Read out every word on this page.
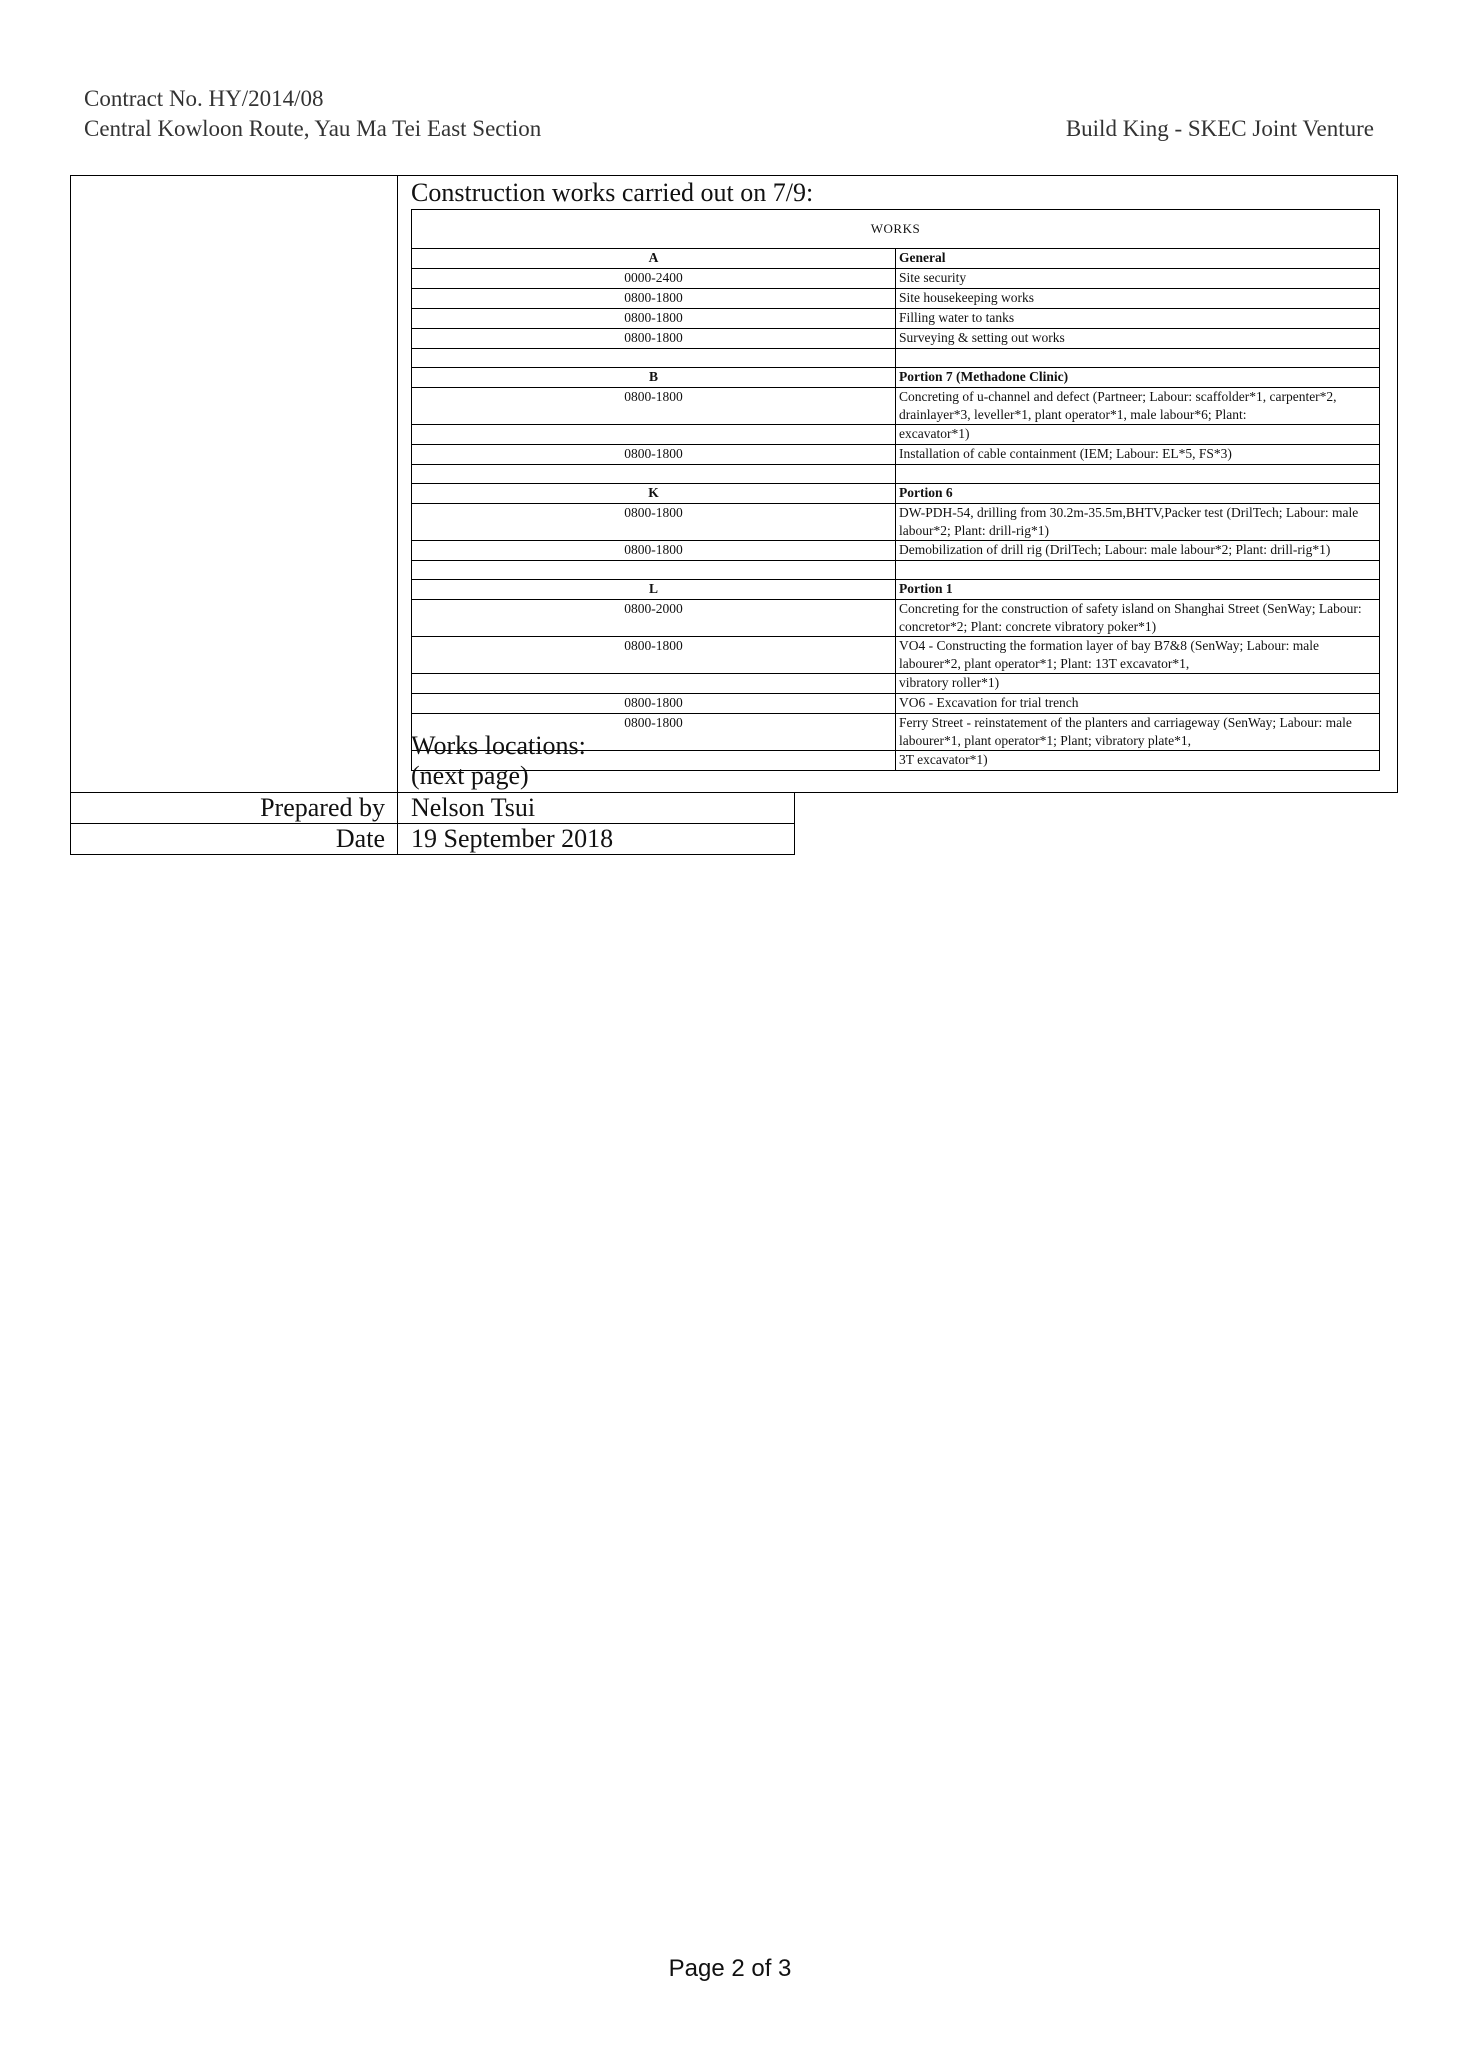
Contract No. HY/2014/08
Central Kowloon Route, Yau Ma Tei East Section	Build King - SKEC Joint Venture
Construction works carried out on 7/9:
WORKS	
A	General
0000-2400	Site security
0800-1800	Site housekeeping works
0800-1800	Filling water to tanks
0800-1800	Surveying & setting out works

B	Portion 7 (Methadone Clinic)
0800-1800	Concreting of u-channel and defect (Partneer; Labour: scaffolder*1, carpenter*2, drainlayer*3, leveller*1, plant operator*1, male labour*6; Plant:
	excavator*1)
0800-1800	Installation of cable containment (IEM; Labour: EL*5, FS*3)

K	Portion 6
0800-1800	DW-PDH-54, drilling from 30.2m-35.5m,BHTV,Packer test (DrilTech; Labour: male labour*2; Plant: drill-rig*1)
0800-1800	Demobilization of drill rig (DrilTech; Labour: male labour*2; Plant: drill-rig*1)

L	Portion 1
0800-2000	Concreting for the construction of safety island on Shanghai Street (SenWay; Labour: concretor*2; Plant: concrete vibratory poker*1)
0800-1800	VO4 - Constructing the formation layer of bay B7&8 (SenWay; Labour: male labourer*2, plant operator*1; Plant: 13T excavator*1,
	vibratory roller*1)
0800-1800	VO6 - Excavation for trial trench
0800-1800	Ferry Street - reinstatement of the planters and carriageway (SenWay; Labour: male labourer*1, plant operator*1; Plant; vibratory plate*1,
	3T excavator*1)
Works locations:
(next page)
Prepared by	Nelson Tsui
Date	19 September 2018
Page 2 of 3
